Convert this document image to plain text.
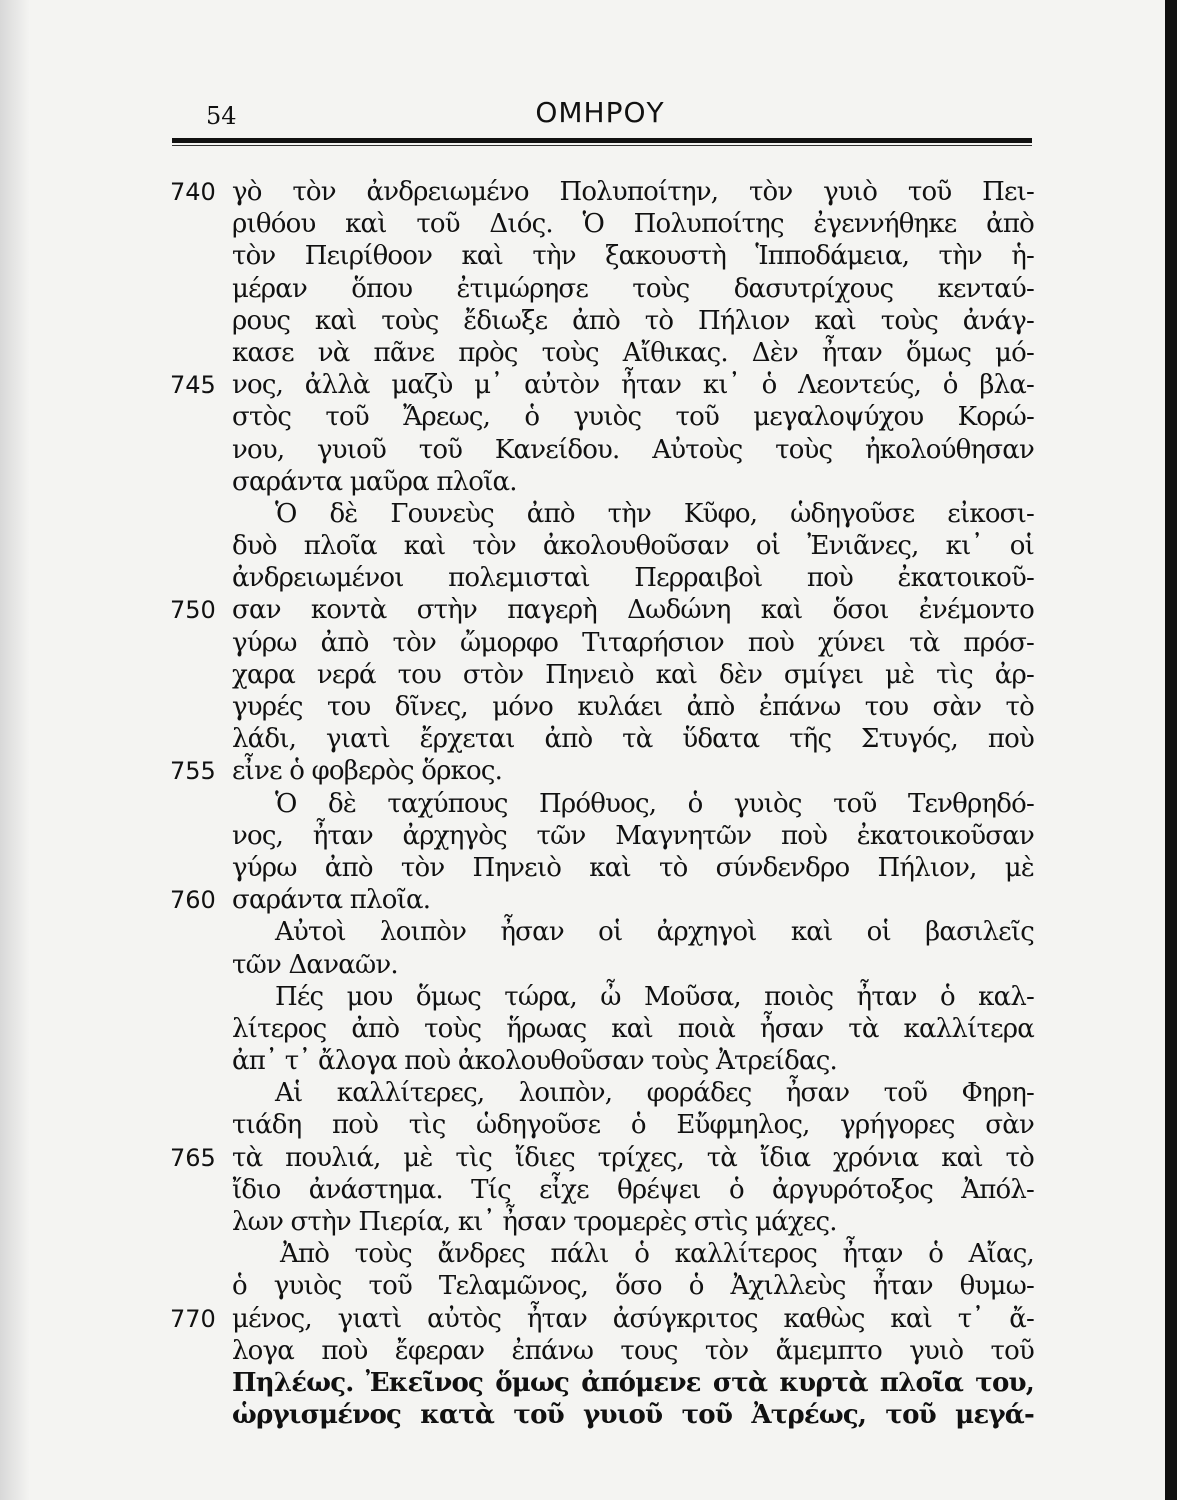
54	ΟΜΗΡΟΥ
740 γὸ τὸν ἀνδρειωμένο Πολυποίτην, τὸν γυιὸ τοῦ Πει-
ριθόου καὶ τοῦ Διός. Ὁ Πολυποίτης ἐγεννήθηκε ἀπὸ
τὸν Πειρίθοον καὶ τὴν ξακουστὴ Ἱπποδάμεια, τὴν ἡ-
μέραν ὅπου ἐτιμώρησε τοὺς δασυτρίχους κενταύ-
ρους καὶ τοὺς ἔδιωξε ἀπὸ τὸ Πήλιον καὶ τοὺς ἀνάγ-
κασε νὰ πᾶνε πρὸς τοὺς Αἴθικας. Δὲν ἦταν ὅμως μό-
745 νος, ἀλλὰ μαζὺ μ᾽ αὐτὸν ἦταν κι᾽ ὁ Λεοντεύς, ὁ βλα-
στὸς τοῦ Ἄρεως, ὁ γυιὸς τοῦ μεγαλοψύχου Κορώ-
νου, γυιοῦ τοῦ Κανείδου. Αὐτοὺς τοὺς ἠκολούθησαν
σαράντα μαῦρα πλοῖα.
Ὁ δὲ Γουνεὺς ἀπὸ τὴν Κῦφο, ὡδηγοῦσε εἰκοσι-
δυὸ πλοῖα καὶ τὸν ἀκολουθοῦσαν οἱ Ἐνιᾶνες, κι᾽ οἱ
ἀνδρειωμένοι πολεμισταὶ Περραιβοὶ ποὺ ἐκατοικοῦ-
750 σαν κοντὰ στὴν παγερὴ Δωδώνη καὶ ὅσοι ἐνέμοντο
γύρω ἀπὸ τὸν ὤμορφο Τιταρήσιον ποὺ χύνει τὰ πρόσ-
χαρα νερά του στὸν Πηνειὸ καὶ δὲν σμίγει μὲ τὶς ἀρ-
γυρές του δῖνες, μόνο κυλάει ἀπὸ ἐπάνω του σὰν τὸ
λάδι, γιατὶ ἔρχεται ἀπὸ τὰ ὕδατα τῆς Στυγός, ποὺ
755 εἶνε ὁ φοβερὸς ὅρκος.
Ὁ δὲ ταχύπους Πρόθυος, ὁ γυιὸς τοῦ Τενθρηδό-
νος, ἦταν ἀρχηγὸς τῶν Μαγνητῶν ποὺ ἐκατοικοῦσαν
γύρω ἀπὸ τὸν Πηνειὸ καὶ τὸ σύνδενδρο Πήλιον, μὲ
760 σαράντα πλοῖα.
Αὐτοὶ λοιπὸν ἦσαν οἱ ἀρχηγοὶ καὶ οἱ βασιλεῖς
τῶν Δαναῶν.
Πές μου ὅμως τώρα, ὦ Μοῦσα, ποιὸς ἦταν ὁ καλ-
λίτερος ἀπὸ τοὺς ἥρωας καὶ ποιὰ ἦσαν τὰ καλλίτερα
ἀπ᾽ τ᾽ ἄλογα ποὺ ἀκολουθοῦσαν τοὺς Ἀτρείδας.
Αἱ καλλίτερες, λοιπὸν, φοράδες ἦσαν τοῦ Φηρη-
τιάδη ποὺ τὶς ὡδηγοῦσε ὁ Εὔφμηλος, γρήγορες σὰν
765 τὰ πουλιά, μὲ τὶς ἴδιες τρίχες, τὰ ἴδια χρόνια καὶ τὸ
ἴδιο ἀνάστημα. Τίς εἶχε θρέψει ὁ ἀργυρότοξος Ἀπόλ-
λων στὴν Πιερία, κι᾽ ἦσαν τρομερὲς στὶς μάχες.
Ἀπὸ τοὺς ἄνδρες πάλι ὁ καλλίτερος ἦταν ὁ Αἴας,
ὁ γυιὸς τοῦ Τελαμῶνος, ὅσο ὁ Ἀχιλλεὺς ἦταν θυμω-
770 μένος, γιατὶ αὐτὸς ἦταν ἀσύγκριτος καθὼς καὶ τ᾽ ἄ-
λογα ποὺ ἔφεραν ἐπάνω τους τὸν ἄμεμπτο γυιὸ τοῦ
Πηλέως. Ἐκεῖνος ὅμως ἀπόμενε στὰ κυρτὰ πλοῖα του,
ὡργισμένος κατὰ τοῦ γυιοῦ τοῦ Ἀτρέως, τοῦ μεγά-
